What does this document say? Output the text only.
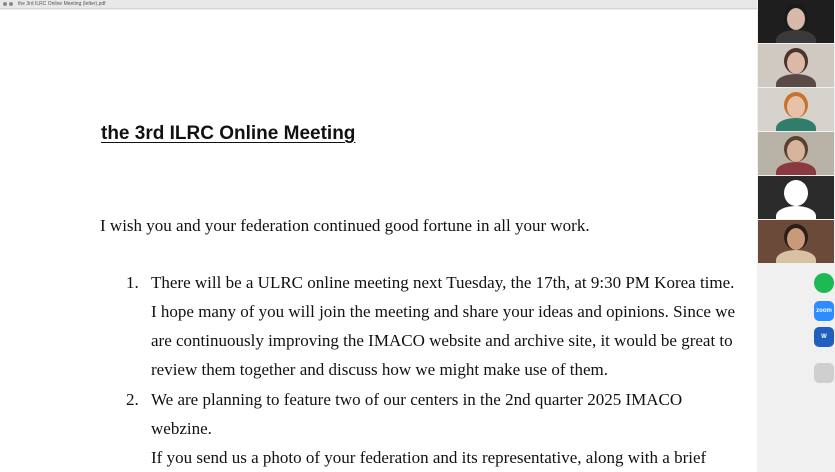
the 3rd ILRC Online Meeting (letter).pdf
the 3rd ILRC Online Meeting
I wish you and your federation continued good fortune in all your work.
1. There will be a ULRC online meeting next Tuesday, the 17th, at 9:30 PM Korea time.
I hope many of you will join the meeting and share your ideas and opinions. Since we
are continuously improving the IMACO website and archive site, it would be great to
review them together and discuss how we might make use of them.
2. We are planning to feature two of our centers in the 2nd quarter 2025 IMACO
webzine.
If you send us a photo of your federation and its representative, along with a brief
zoom
W
